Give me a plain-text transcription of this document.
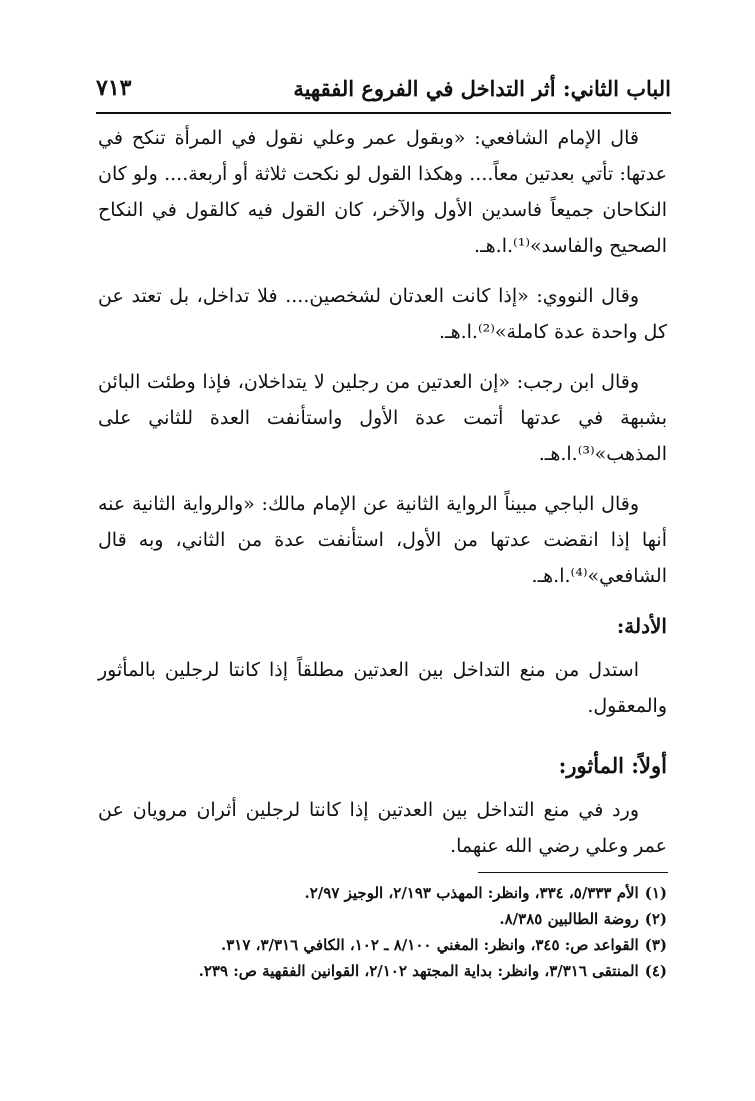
الباب الثاني: أثر التداخل في الفروع الفقهية
٧١٣

قال الإمام الشافعي: «وبقول عمر وعلي نقول في المرأة تنكح في عدتها: تأتي بعدتين معاً.... وهكذا القول لو نكحت ثلاثة أو أربعة.... ولو كان النكاحان جميعاً فاسدين الأول والآخر، كان القول فيه كالقول في النكاح الصحيح والفاسد»⁽¹⁾.ا.هـ.

وقال النووي: «إذا كانت العدتان لشخصين.... فلا تداخل، بل تعتد عن كل واحدة عدة كاملة»⁽²⁾.ا.هـ.

وقال ابن رجب: «إن العدتين من رجلين لا يتداخلان، فإذا وطئت البائن بشبهة في عدتها أتمت عدة الأول واستأنفت العدة للثاني على المذهب»⁽³⁾.ا.هـ.

وقال الباجي مبيناً الرواية الثانية عن الإمام مالك: «والرواية الثانية عنه أنها إذا انقضت عدتها من الأول، استأنفت عدة من الثاني، وبه قال الشافعي»⁽⁴⁾.ا.هـ.

الأدلة:

استدل من منع التداخل بين العدتين مطلقاً إذا كانتا لرجلين بالمأثور والمعقول.

أولاً: المأثور:

ورد في منع التداخل بين العدتين إذا كانتا لرجلين أثران مرويان عن عمر وعلي رضي الله عنهما.

(١)الأم ٥/٣٣٣، ٣٣٤، وانظر: المهذب ٢/١٩٣، الوجيز ٢/٩٧.
(٢)روضة الطالبين ٨/٣٨٥.
(٣)القواعد ص: ٣٤٥، وانظر: المغني ٨/١٠٠ ـ ١٠٢، الكافي ٣/٣١٦، ٣١٧.
(٤)المنتقى ٣/٣١٦، وانظر: بداية المجتهد ٢/١٠٢، القوانين الفقهية ص: ٢٣٩.
